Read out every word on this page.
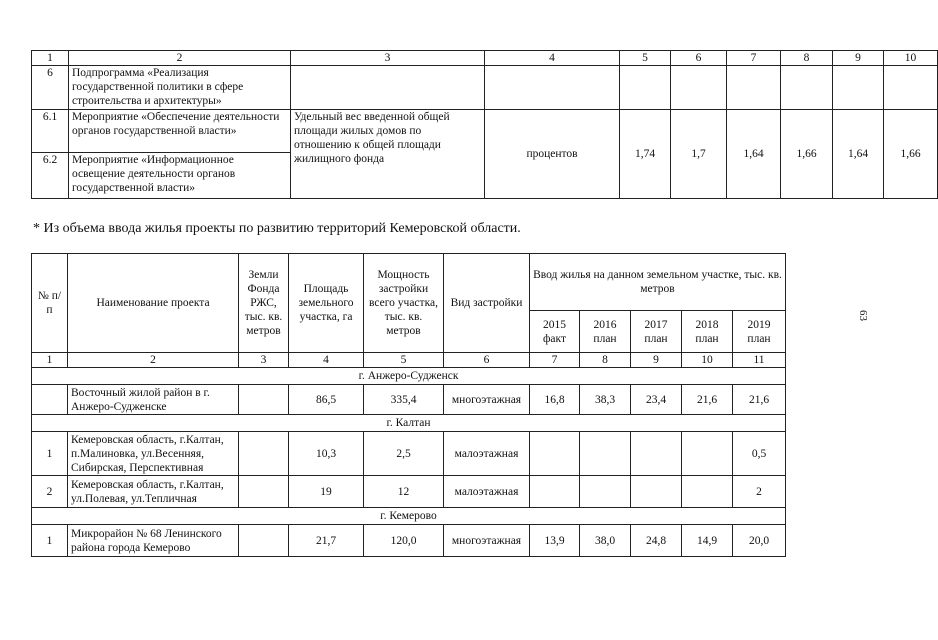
1	2	3	4	5	6	7	8	9	10
6	Подпрограмма «Реализация государственной политики в сфере строительства и архитектуры»								
6.1	Мероприятие «Обеспечение деятельности органов государственной власти»	Удельный вес введенной общей площади жилых домов по отношению к общей площади жилищного фонда	процентов	1,74	1,7	1,64	1,66	1,64	1,66
6.2	Мероприятие «Информационное освещение деятельности органов государственной власти»								
* Из объема ввода жилья проекты по развитию территорий Кемеровской области.
№ п/п	Наименование проекта	Земли Фонда РЖС, тыс. кв. метров	Площадь земельного участка, га	Мощность застройки всего участка, тыс. кв. метров	Вид застройки	Ввод жилья на данном земельном участке, тыс. кв. метров				
						2015 факт	2016 план	2017 план	2018 план	2019 план
1	2	3	4	5	6	7	8	9	10	11
г. Анжеро-Судженск										
	Восточный жилой район в г. Анжеро-Судженске		86,5	335,4	многоэтажная	16,8	38,3	23,4	21,6	21,6
г. Калтан										
1	Кемеровская область, г.Калтан, п.Малиновка, ул.Весенняя, Сибирская, Перспективная		10,3	2,5	малоэтажная					0,5
2	Кемеровская область, г.Калтан, ул.Полевая, ул.Тепличная		19	12	малоэтажная					2
г. Кемерово										
1	Микрорайон № 68 Ленинского района города Кемерово		21,7	120,0	многоэтажная	13,9	38,0	24,8	14,9	20,0
63
